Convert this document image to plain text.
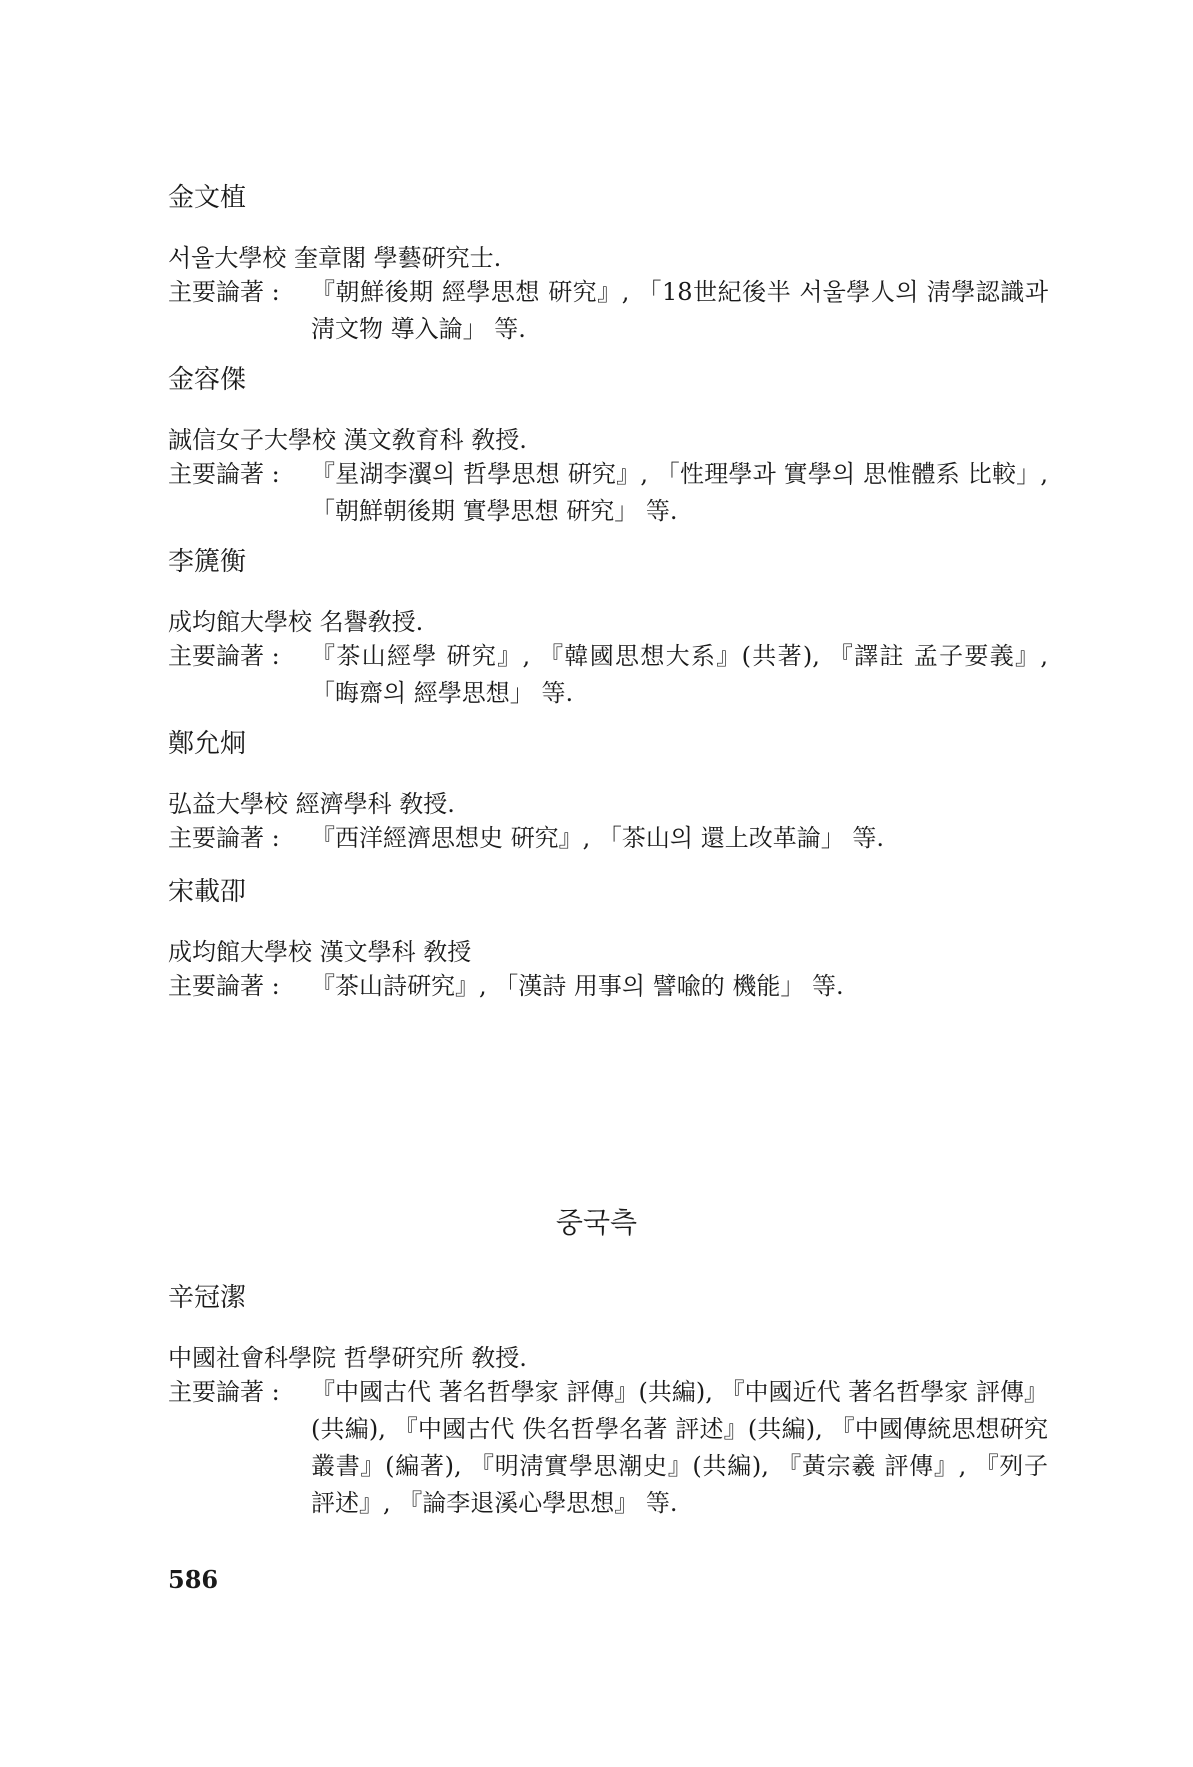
金文植
서울大學校 奎章閣 學藝硏究士.
主要論著 :	『朝鮮後期 經學思想 硏究』, 「18世紀後半 서울學人의 淸學認識과 淸文物 導入論」 等.
金容傑
誠信女子大學校 漢文敎育科 敎授.
主要論著 :	『星湖李瀷의 哲學思想 硏究』, 「性理學과 實學의 思惟體系 比較」, 「朝鮮朝後期 實學思想 硏究」 等.
李篪衡
成均館大學校 名譽敎授.
主要論著 :	『茶山經學 硏究』, 『韓國思想大系』(共著), 『譯註 孟子要義』, 「晦齋의 經學思想」 等.
鄭允炯
弘益大學校 經濟學科 敎授.
主要論著 :	『西洋經濟思想史 硏究』, 「茶山의 還上改革論」 等.
宋載卲
成均館大學校 漢文學科 敎授
主要論著 :	『茶山詩硏究』, 「漢詩 用事의 譬喩的 機能」 等.
중국측
辛冠潔
中國社會科學院 哲學硏究所 敎授.
主要論著 :	『中國古代 著名哲學家 評傳』(共編), 『中國近代 著名哲學家 評傳』(共編), 『中國古代 佚名哲學名著 評述』(共編), 『中國傳統思想硏究叢書』(編著), 『明淸實學思潮史』(共編), 『黃宗羲 評傳』, 『列子 評述』, 『論李退溪心學思想』 等.
586
